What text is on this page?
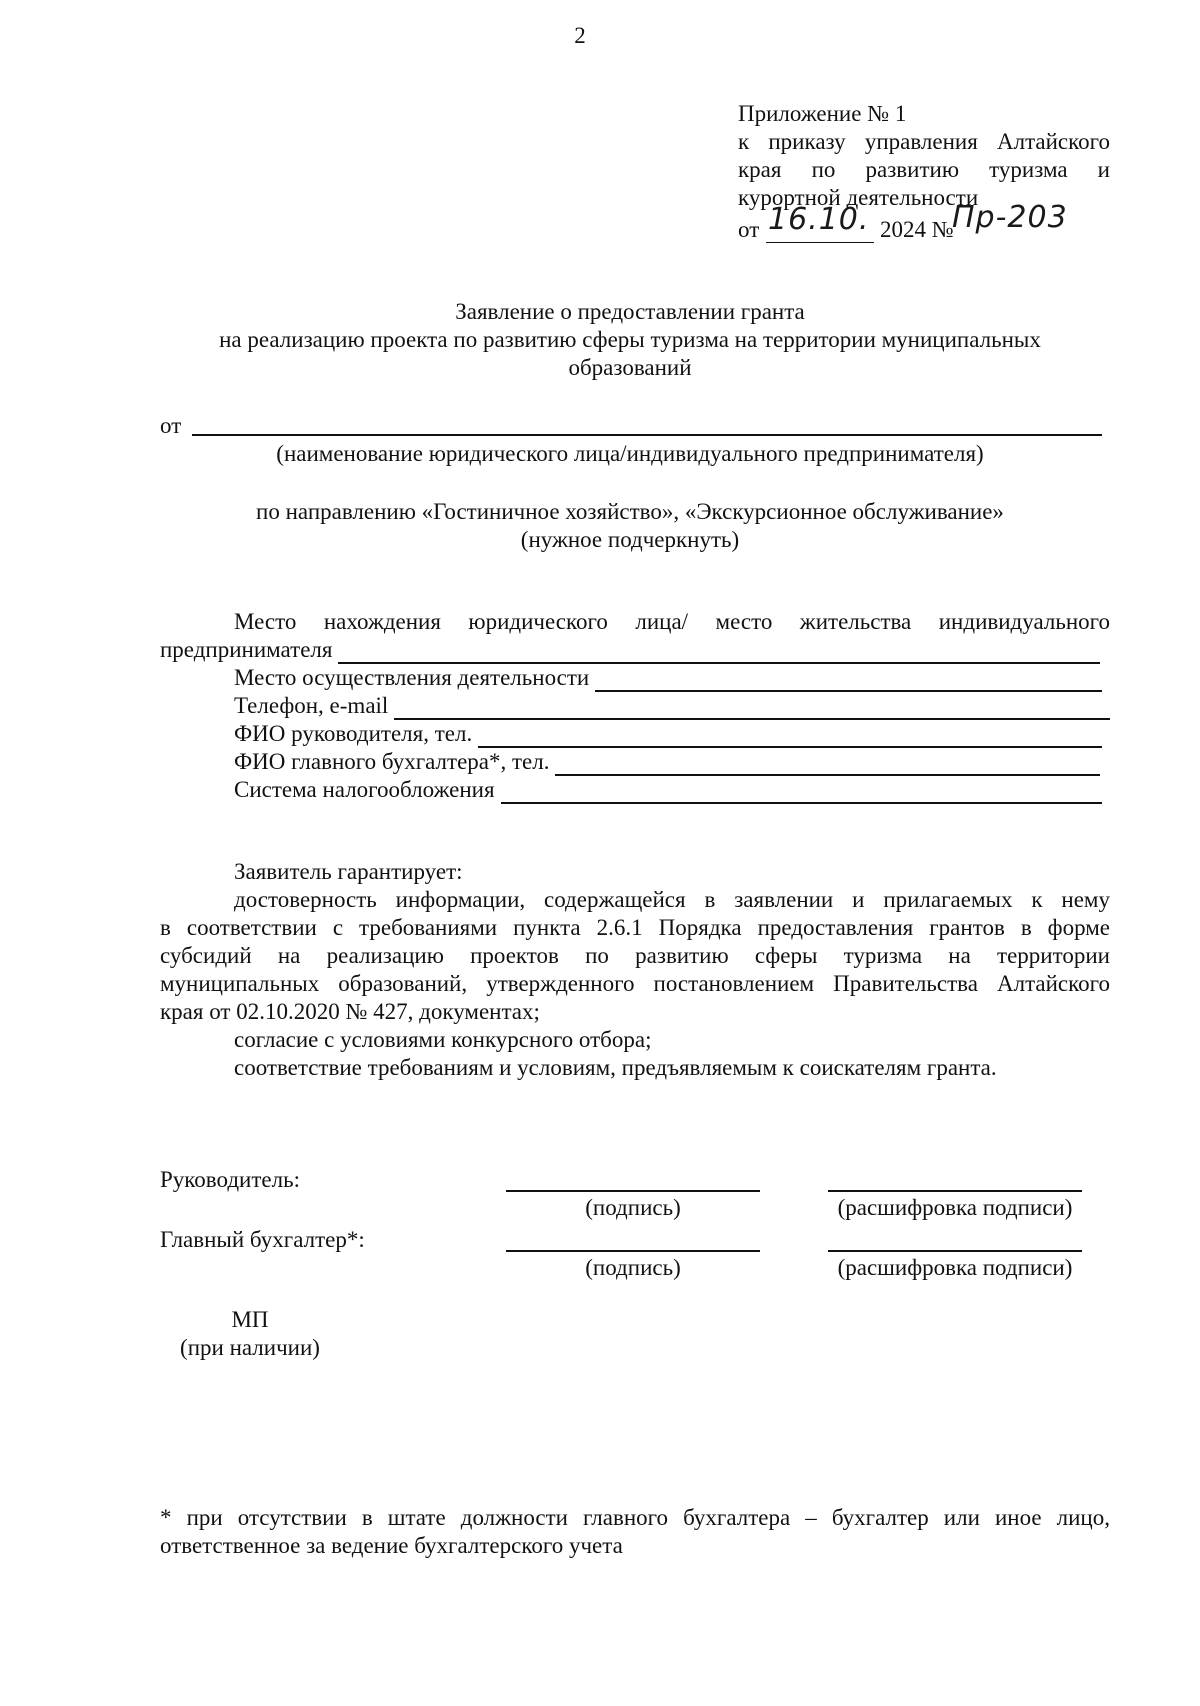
2
Приложение № 1
к приказу управления Алтайского
края по развитию туризма и
курортной деятельности
от 16.10. 2024 №
Пр-203
Заявление о предоставлении гранта
на реализацию проекта по развитию сферы туризма на территории муниципальных
образований
от
(наименование юридического лица/индивидуального предпринимателя)
по направлению «Гостиничное хозяйство», «Экскурсионное обслуживание»
(нужное подчеркнуть)
Место нахождения юридического лица/ место жительства индивидуального
предпринимателя
Место осуществления деятельности
Телефон, e-mail
ФИО руководителя, тел.
ФИО главного бухгалтера*, тел.
Система налогообложения
Заявитель гарантирует:
достоверность информации, содержащейся в заявлении и прилагаемых к нему
в соответствии с требованиями пункта 2.6.1 Порядка предоставления грантов в форме
субсидий на реализацию проектов по развитию сферы туризма на территории
муниципальных образований, утвержденного постановлением Правительства Алтайского
края от 02.10.2020 № 427, документах;
согласие с условиями конкурсного отбора;
соответствие требованиям и условиям, предъявляемым к соискателям гранта.
Руководитель:
(подпись)	(расшифровка подписи)
Главный бухгалтер*:
(подпись)	(расшифровка подписи)
МП
(при наличии)
* при отсутствии в штате должности главного бухгалтера – бухгалтер или иное лицо,
ответственное за ведение бухгалтерского учета
